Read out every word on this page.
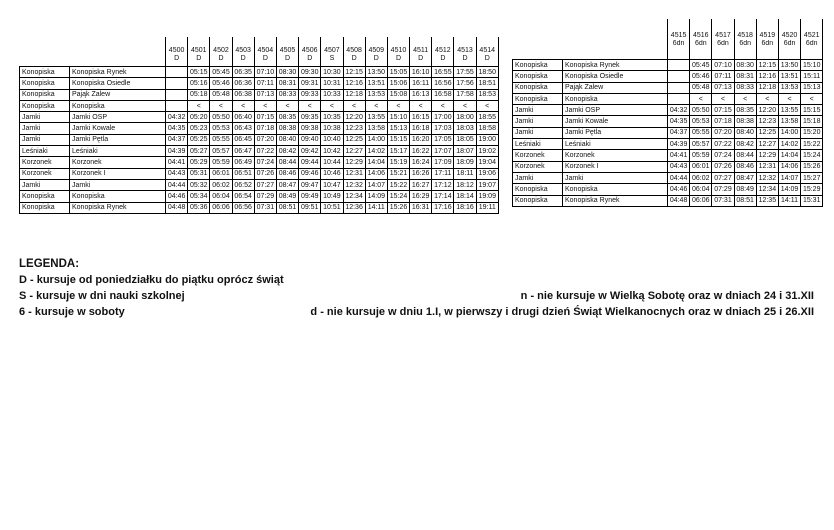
		4500	4501	4502	4503	4504	4505	4506	4507	4508	4509	4510	4511	4512	4513	4514
		D	D	D	D	D	D	D	S	D	D	D	D	D	D	D
Konopiska	Konopiska Rynek		05:15	05:45	06:35	07:10	08:30	09:30	10:30	12:15	13:50	15:05	16:10	16:55	17:55	18:50
Konopiska	Konopiska Osiedle		05:16	05:46	06:36	07:11	08:31	09:31	10:31	12:16	13:51	15:06	16:11	16:56	17:56	18:51
Konopiska	Pająk Zalew		05:18	05:48	06:38	07:13	08:33	09:33	10:33	12:18	13:53	15:08	16:13	16:58	17:58	18:53
Konopiska	Konopiska		<	<	<	<	<	<	<	<	<	<	<	<	<	<
Jamki	Jamki OSP	04:32	05:20	05:50	06:40	07:15	08:35	09:35	10:35	12:20	13:55	15:10	16:15	17:00	18:00	18:55
Jamki	Jamki Kowale	04:35	05:23	05:53	06:43	07:18	08:38	09:38	10:38	12:23	13:58	15:13	16:18	17:03	18:03	18:58
Jamki	Jamki Pętla	04:37	05:25	05:55	06:45	07:20	08:40	09:40	10:40	12:25	14:00	15:15	16:20	17:05	18:05	19:00
Leśniaki	Leśniaki	04:39	05:27	05:57	06:47	07:22	08:42	09:42	10:42	12:27	14:02	15:17	16:22	17:07	18:07	19:02
Korzonek	Korzonek	04:41	05:29	05:59	06:49	07:24	08:44	09:44	10:44	12:29	14:04	15:19	16:24	17:09	18:09	19:04
Korzonek	Korzonek I	04:43	05:31	06:01	06:51	07:26	08:46	09:46	10:46	12:31	14:06	15:21	16:26	17:11	18:11	19:06
Jamki	Jamki	04:44	05:32	06:02	06:52	07:27	08:47	09:47	10:47	12:32	14:07	15:22	16:27	17:12	18:12	19:07
Konopiska	Konopiska	04:46	05:34	06:04	06:54	07:29	08:49	09:49	10:49	12:34	14:09	15:24	16:29	17:14	18:14	19:09
Konopiska	Konopiska Rynek	04:48	05:36	06:06	06:56	07:31	08:51	09:51	10:51	12:36	14:11	15:26	16:31	17:16	18:16	19:11
		4515	4516	4517	4518	4519	4520	4521
		6dn	6dn	6dn	6dn	6dn	6dn	6dn
Konopiska	Konopiska Rynek		05:45	07:10	08:30	12:15	13:50	15:10
Konopiska	Konopiska Osiedle		05:46	07:11	08:31	12:16	13:51	15:11
Konopiska	Pająk Zalew		05:48	07:13	08:33	12:18	13:53	15:13
Konopiska	Konopiska		<	<	<	<	<	<
Jamki	Jamki OSP	04:32	05:50	07:15	08:35	12:20	13:55	15:15
Jamki	Jamki Kowale	04:35	05:53	07:18	08:38	12:23	13:58	15:18
Jamki	Jamki Pętla	04:37	05:55	07:20	08:40	12:25	14:00	15:20
Leśniaki	Leśniaki	04:39	05:57	07:22	08:42	12:27	14:02	15:22
Korzonek	Korzonek	04:41	05:59	07:24	08:44	12:29	14:04	15:24
Korzonek	Korzonek I	04:43	06:01	07:26	08:46	12:31	14:06	15:26
Jamki	Jamki	04:44	06:02	07:27	08:47	12:32	14:07	15:27
Konopiska	Konopiska	04:46	06:04	07:29	08:49	12:34	14:09	15:29
Konopiska	Konopiska Rynek	04:48	06:06	07:31	08:51	12:35	14:11	15:31
LEGENDA:
D - kursuje od poniedziałku do piątku oprócz świąt
S - kursuje w dni nauki szkolnej
6 - kursuje w soboty
n - nie kursuje w Wielką Sobotę oraz w dniach 24 i 31.XII
d - nie kursuje w dniu 1.I, w pierwszy i drugi dzień Świąt Wielkanocnych oraz w dniach 25 i 26.XII
